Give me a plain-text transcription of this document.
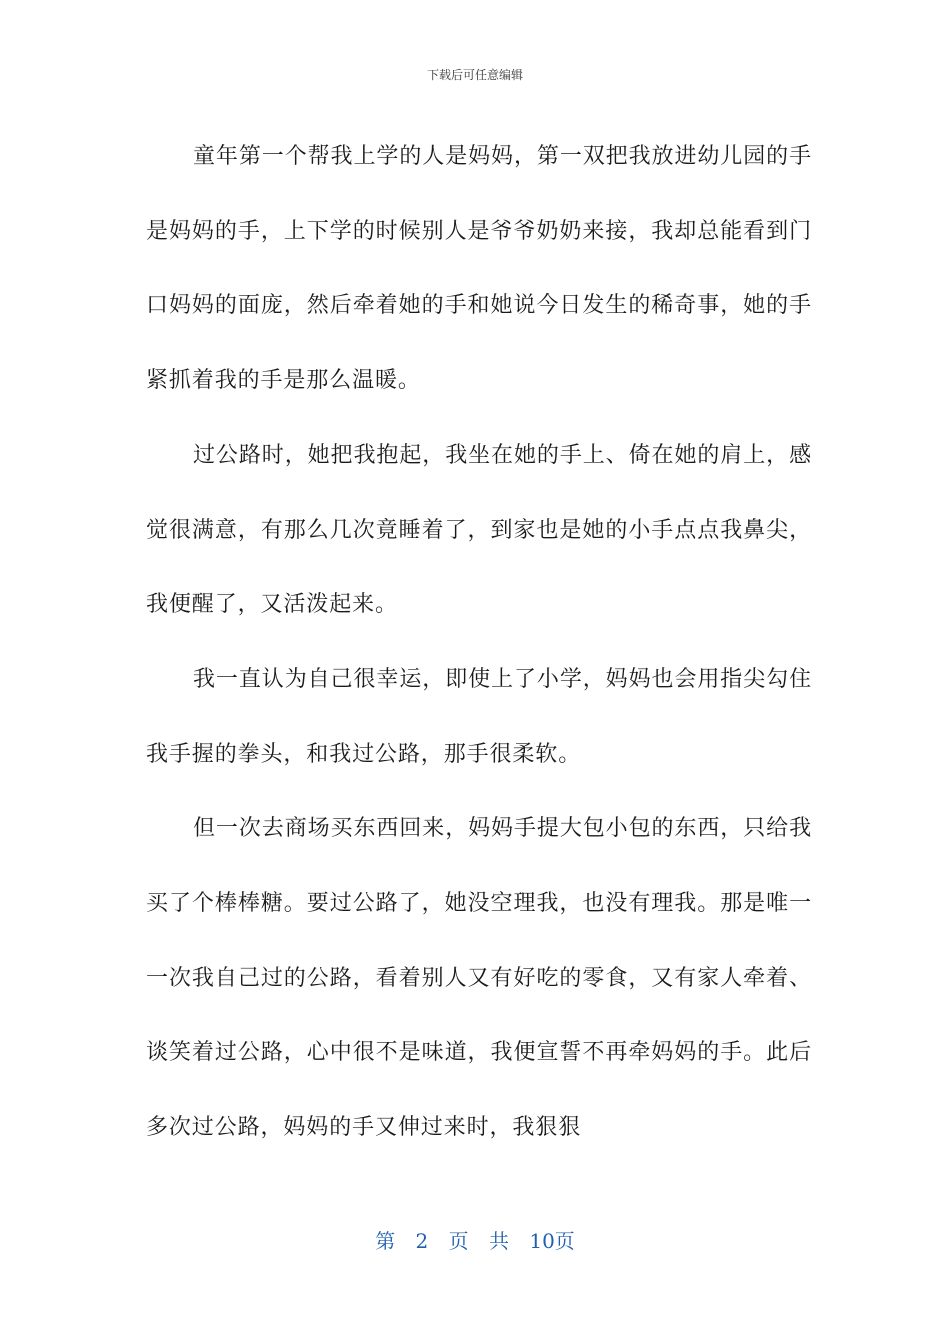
下载后可任意编辑

童年第一个帮我上学的人是妈妈，第一双把我放进幼儿园的手是妈妈的手，上下学的时候别人是爷爷奶奶来接，我却总能看到门口妈妈的面庞，然后牵着她的手和她说今日发生的稀奇事，她的手紧抓着我的手是那么温暖。

过公路时，她把我抱起，我坐在她的手上、倚在她的肩上，感觉很满意，有那么几次竟睡着了，到家也是她的小手点点我鼻尖，我便醒了，又活泼起来。

我一直认为自己很幸运，即使上了小学，妈妈也会用指尖勾住我手握的拳头，和我过公路，那手很柔软。

但一次去商场买东西回来，妈妈手提大包小包的东西，只给我买了个棒棒糖。要过公路了，她没空理我，也没有理我。那是唯一一次我自己过的公路，看着别人又有好吃的零食，又有家人牵着、谈笑着过公路，心中很不是味道，我便宣誓不再牵妈妈的手。此后多次过公路，妈妈的手又伸过来时，我狠狠

第 2 页 共 10页
